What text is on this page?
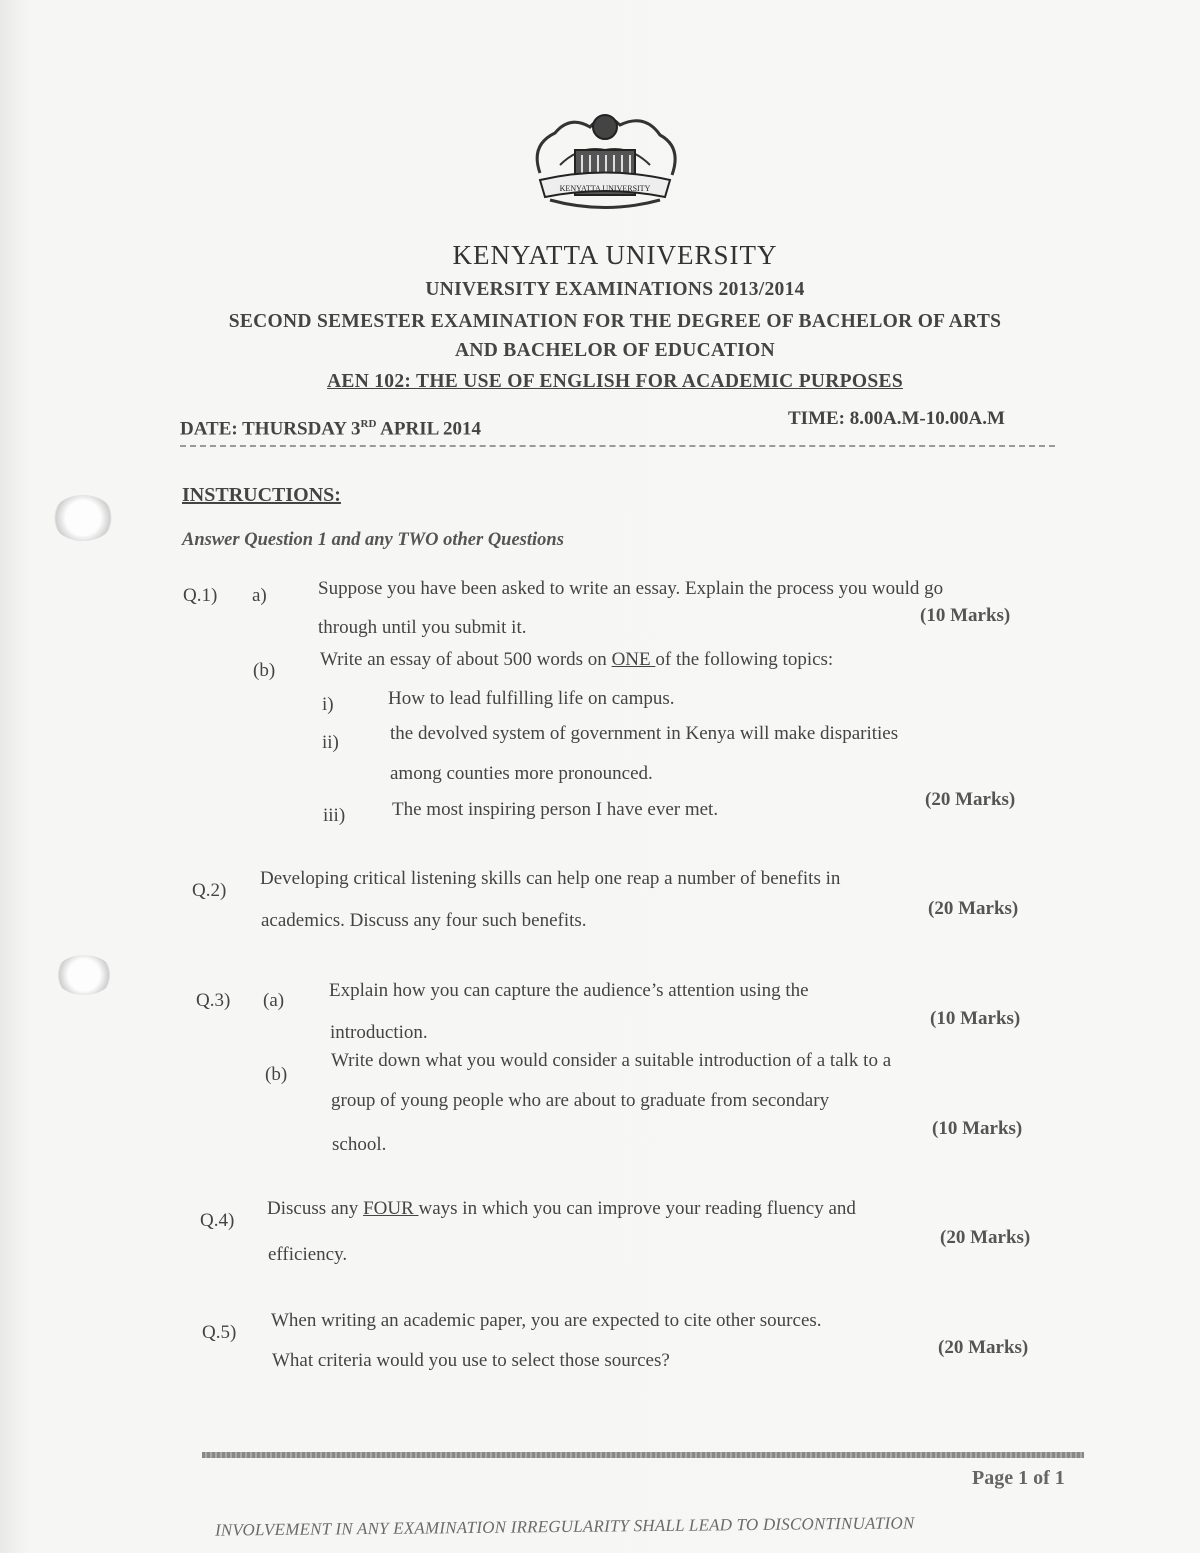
KENYATTA UNIVERSITY
KENYATTA UNIVERSITY
UNIVERSITY EXAMINATIONS 2013/2014
SECOND SEMESTER EXAMINATION FOR THE DEGREE OF BACHELOR OF ARTS
AND BACHELOR OF EDUCATION
AEN 102: THE USE OF ENGLISH FOR ACADEMIC PURPOSES
DATE: THURSDAY 3RD APRIL 2014	TIME: 8.00A.M-10.00A.M
INSTRUCTIONS:
Answer Question 1 and any TWO other Questions
Q.1) a)	Suppose you have been asked to write an essay. Explain the process you would go
through until you submit it.
(10 Marks)
(b)
Write an essay of about 500 words on ONE of the following topics:
i)	How to lead fulfilling life on campus.
ii)	the devolved system of government in Kenya will make disparities
among counties more pronounced.
iii) The most inspiring person I have ever met.	(20 Marks)
Q.2)
Developing critical listening skills can help one reap a number of benefits in
academics. Discuss any four such benefits.
(20 Marks)
Q.3) (a) Explain how you can capture the audience’s attention using the
introduction.
(10 Marks)
(b)
Write down what you would consider a suitable introduction of a talk to a
group of young people who are about to graduate from secondary
school.
(10 Marks)
Q.4)
Discuss any FOUR ways in which you can improve your reading fluency and
efficiency.
(20 Marks)
Q.5)
When writing an academic paper, you are expected to cite other sources.
What criteria would you use to select those sources?
(20 Marks)
Page 1 of 1
INVOLVEMENT IN ANY EXAMINATION IRREGULARITY SHALL LEAD TO DISCONTINUATION
